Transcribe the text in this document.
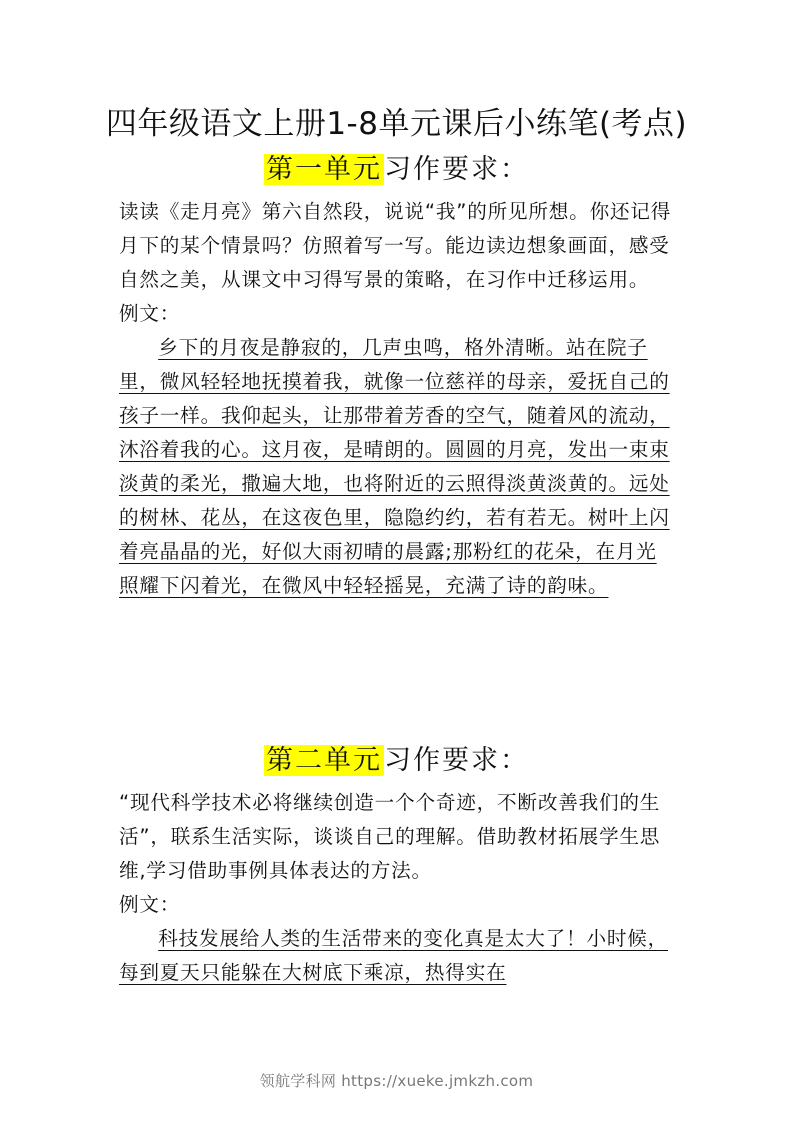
四年级语文上册1-8单元课后小练笔(考点)
第一单元习作要求：

读读《走月亮》第六自然段，说说“我”的所见所想。你还记得月下的某个情景吗？仿照着写一写。能边读边想象画面，感受自然之美，从课文中习得写景的策略，在习作中迁移运用。

例文：

乡下的月夜是静寂的，几声虫鸣，格外清晰。站在院子里，微风轻轻地抚摸着我，就像一位慈祥的母亲，爱抚自己的孩子一样。我仰起头，让那带着芳香的空气，随着风的流动，沐浴着我的心。这月夜，是晴朗的。圆圆的月亮，发出一束束淡黄的柔光，撒遍大地，也将附近的云照得淡黄淡黄的。远处的树林、花丛，在这夜色里，隐隐约约，若有若无。树叶上闪着亮晶晶的光，好似大雨初晴的晨露;那粉红的花朵，在月光照耀下闪着光，在微风中轻轻摇晃，充满了诗的韵味。

第二单元习作要求：

“现代科学技术必将继续创造一个个奇迹，不断改善我们的生活”，联系生活实际，谈谈自己的理解。借助教材拓展学生思维,学习借助事例具体表达的方法。

例文：

科技发展给人类的生活带来的变化真是太大了！小时候，每到夏天只能躲在大树底下乘凉，热得实在

领航学科网 https://xueke.jmkzh.com
